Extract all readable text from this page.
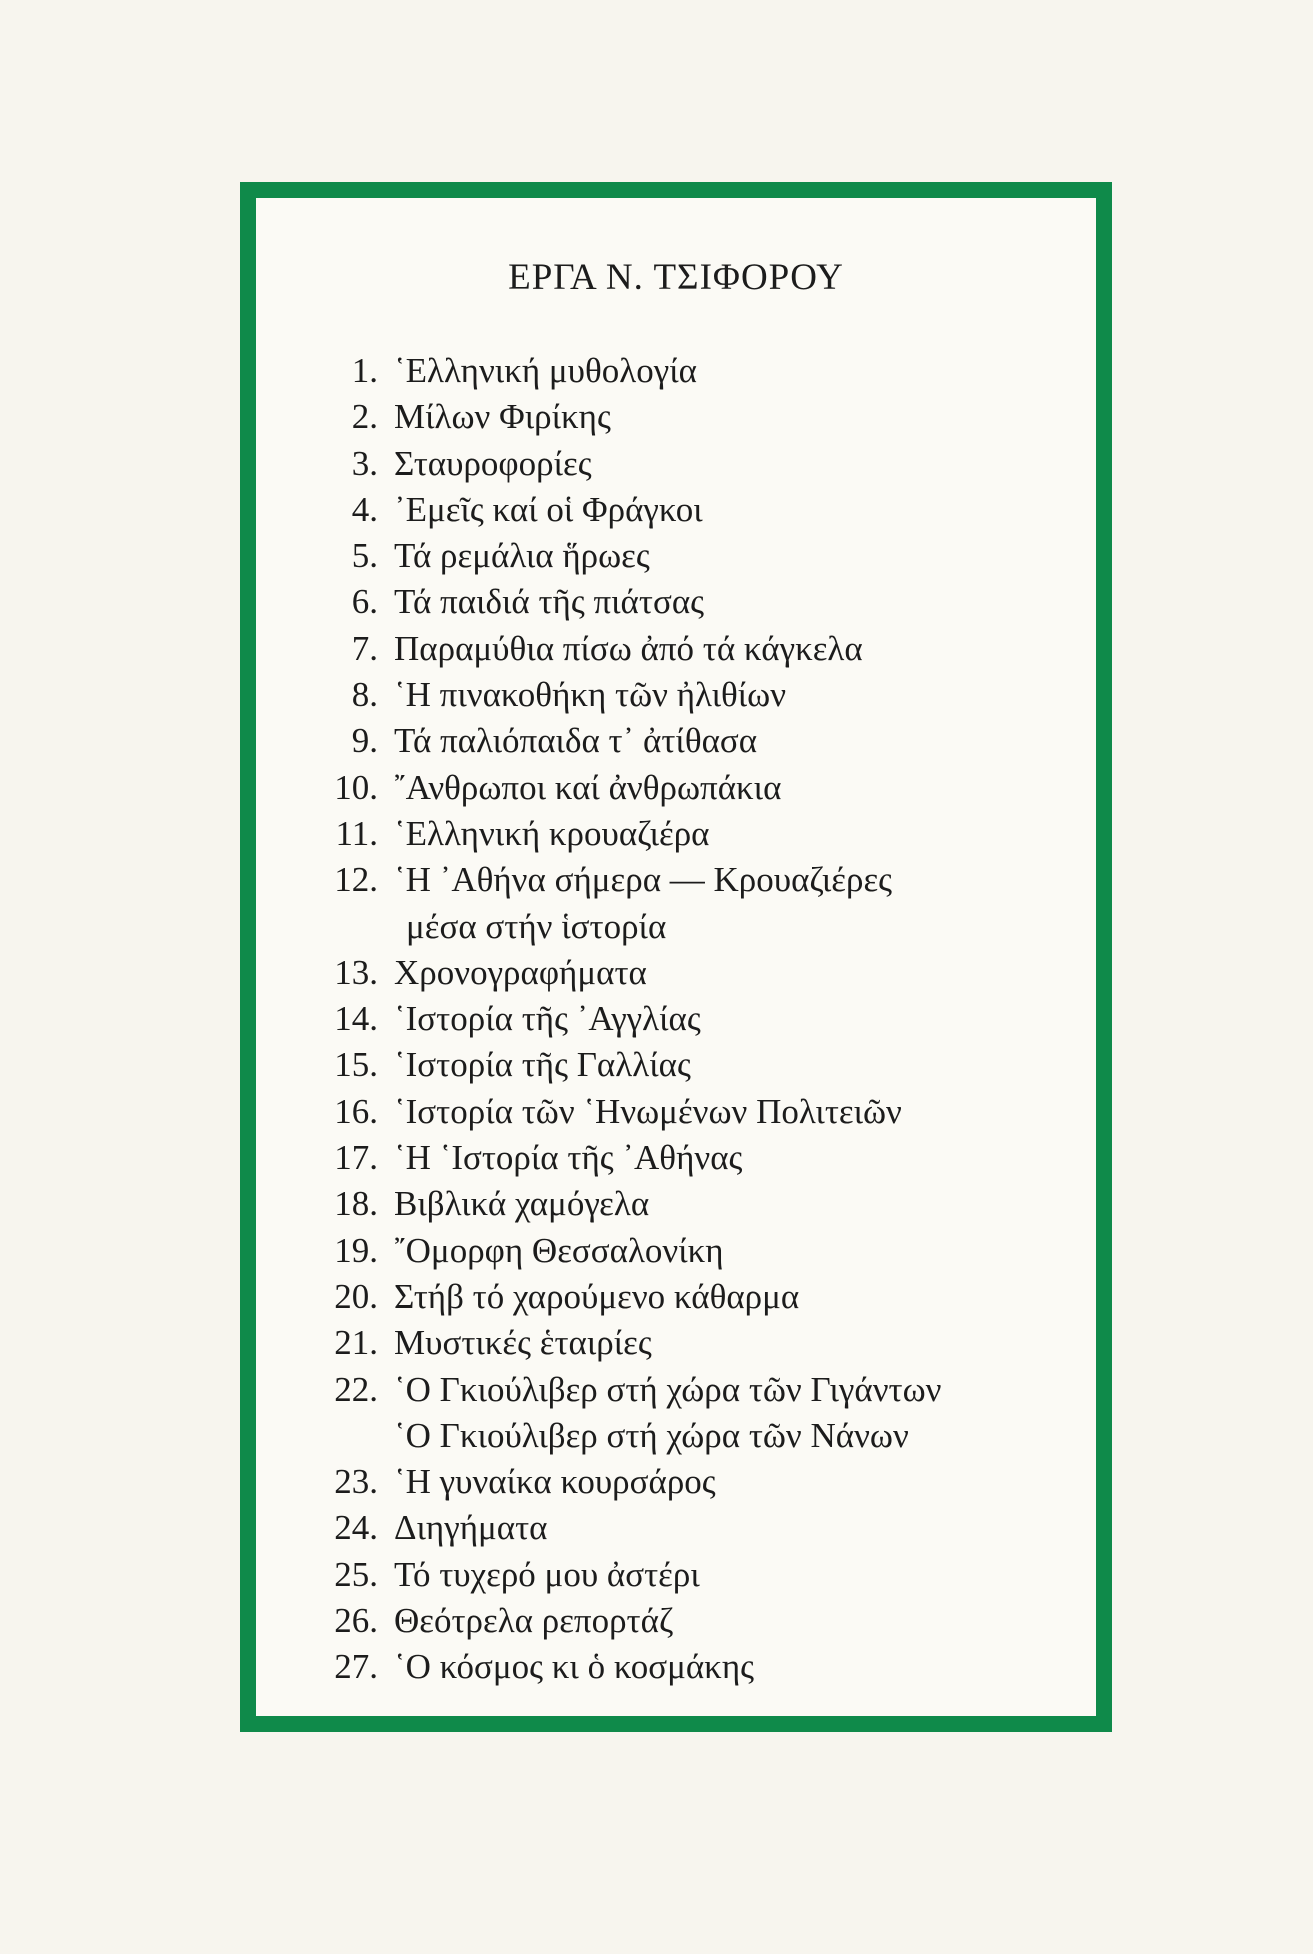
ΕΡΓΑ Ν. ΤΣΙΦΟΡΟΥ
1. ῾Ελληνική μυθολογία
2. Μίλων Φιρίκης
3. Σταυροφορίες
4. ᾽Εμεῖς καί οἱ Φράγκοι
5. Τά ρεμάλια ἥρωες
6. Τά παιδιά τῆς πιάτσας
7. Παραμύθια πίσω ἀπό τά κάγκελα
8. ῾Η πινακοθήκη τῶν ἠλιθίων
9. Τά παλιόπαιδα τ᾽ ἀτίθασα
10. ῎Ανθρωποι καί ἀνθρωπάκια
11. ῾Ελληνική κρουαζιέρα
12. ῾Η ᾽Αθήνα σήμερα — Κρουαζιέρες
μέσα στήν ἱστορία
13. Χρονογραφήματα
14. ῾Ιστορία τῆς ᾽Αγγλίας
15. ῾Ιστορία τῆς Γαλλίας
16. ῾Ιστορία τῶν ῾Ηνωμένων Πολιτειῶν
17. ῾Η ῾Ιστορία τῆς ᾽Αθήνας
18. Βιβλικά χαμόγελα
19. ῎Ομορφη Θεσσαλονίκη
20. Στήβ τό χαρούμενο κάθαρμα
21. Μυστικές ἑταιρίες
22. ῾Ο Γκιούλιβερ στή χώρα τῶν Γιγάντων
῾Ο Γκιούλιβερ στή χώρα τῶν Νάνων
23. ῾Η γυναίκα κουρσάρος
24. Διηγήματα
25. Τό τυχερό μου ἀστέρι
26. Θεότρελα ρεπορτάζ
27. ῾Ο κόσμος κι ὁ κοσμάκης
